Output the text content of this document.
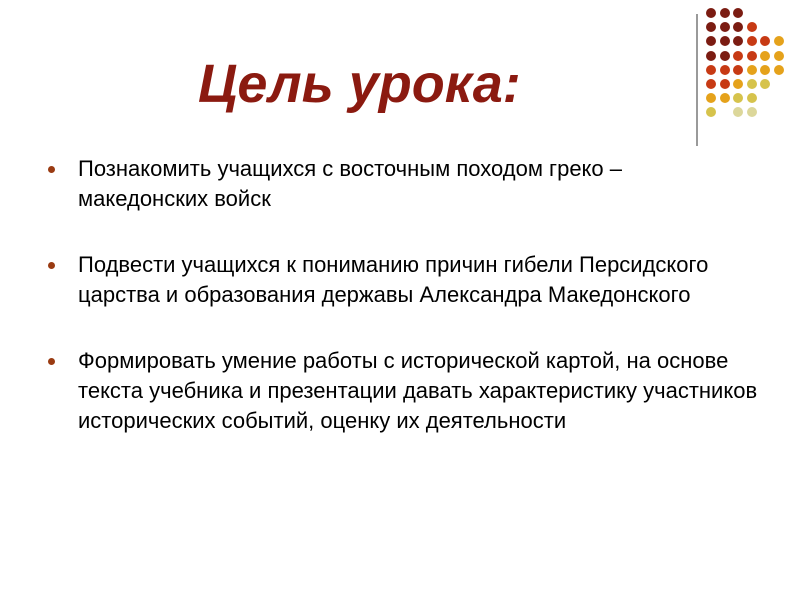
Цель урока:
Познакомить учащихся с восточным походом греко – македонских войск
Подвести учащихся к пониманию причин гибели Персидского царства и образования державы Александра Македонского
Формировать умение работы с исторической картой, на основе текста учебника и презентации давать характеристику участников исторических событий, оценку их деятельности
